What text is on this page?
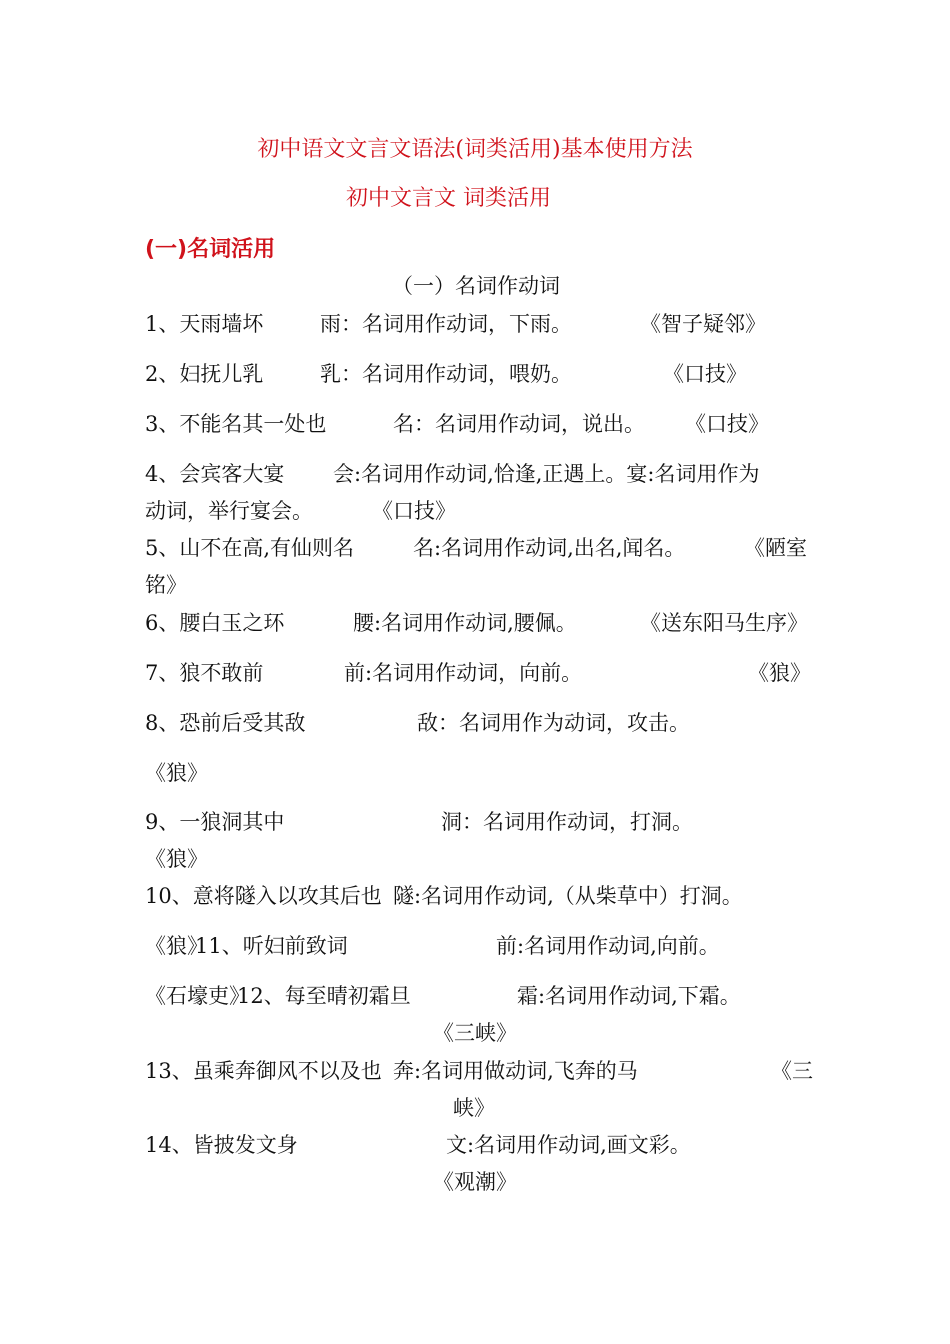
初中语文文言文语法(词类活用)基本使用方法
初中文言文 词类活用
(一)名词活用
（一）名词作动词
1、天雨墙坏	雨：名词用作动词，下雨。	《智子疑邻》
2、妇抚儿乳	乳：名词用作动词，喂奶。	《口技》
3、不能名其一处也	名：名词用作动词，说出。 《口技》
4、会宾客大宴 会:名词用作动词,恰逢,正遇上。宴:名词用作为
动词，举行宴会。	《口技》
5、山不在高,有仙则名	名:名词用作动词,出名,闻名。	《陋室
铭》
6、腰白玉之环	腰:名词用作动词,腰佩。	《送东阳马生序》
7、狼不敢前	前:名词用作动词，向前。	《狼》
8、恐前后受其敌	敌：名词用作为动词，攻击。
《狼》
9、一狼洞其中	洞：名词用作动词，打洞。
《狼》
10、意将隧入以攻其后也 隧:名词用作动词,（从柴草中）打洞。
《狼》
11、听妇前致词	前:名词用作动词,向前。
《石壕吏》
12、每至晴初霜旦	霜:名词用作动词,下霜。
《三峡》
13、虽乘奔御风不以及也 奔:名词用做动词,飞奔的马	《三
峡》
14、皆披发文身	文:名词用作动词,画文彩。
《观潮》
